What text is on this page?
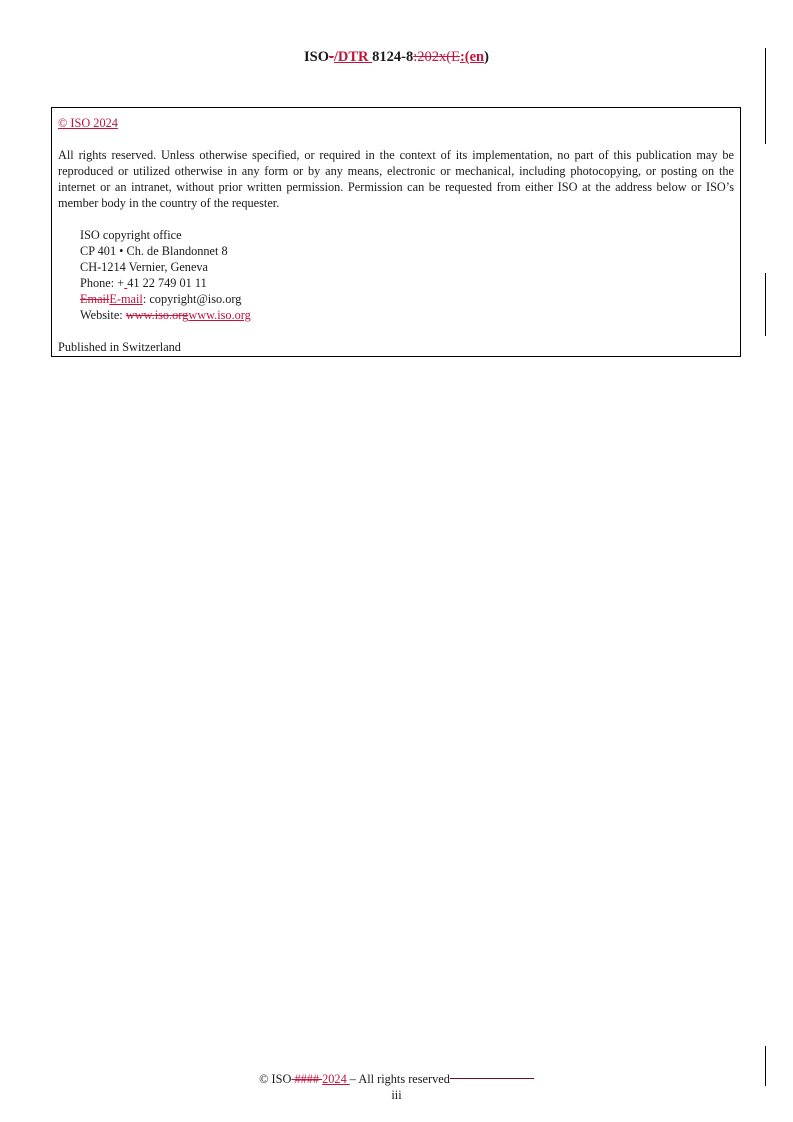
ISO-/DTR 8124-8:202x(E:(en)

© ISO 2024

All rights reserved. Unless otherwise specified, or required in the context of its implementation, no part of this publication may be reproduced or utilized otherwise in any form or by any means, electronic or mechanical, including photocopying, or posting on the internet or an intranet, without prior written permission. Permission can be requested from either ISO at the address below or ISO’s member body in the country of the requester.

ISO copyright office
CP 401 • Ch. de Blandonnet 8
CH-1214 Vernier, Geneva
Phone: + 41 22 749 01 11
EmailE-mail: copyright@iso.org
Website: www.iso.orgwww.iso.org

Published in Switzerland

© ISO #### 2024 – All rights reserved
iii
